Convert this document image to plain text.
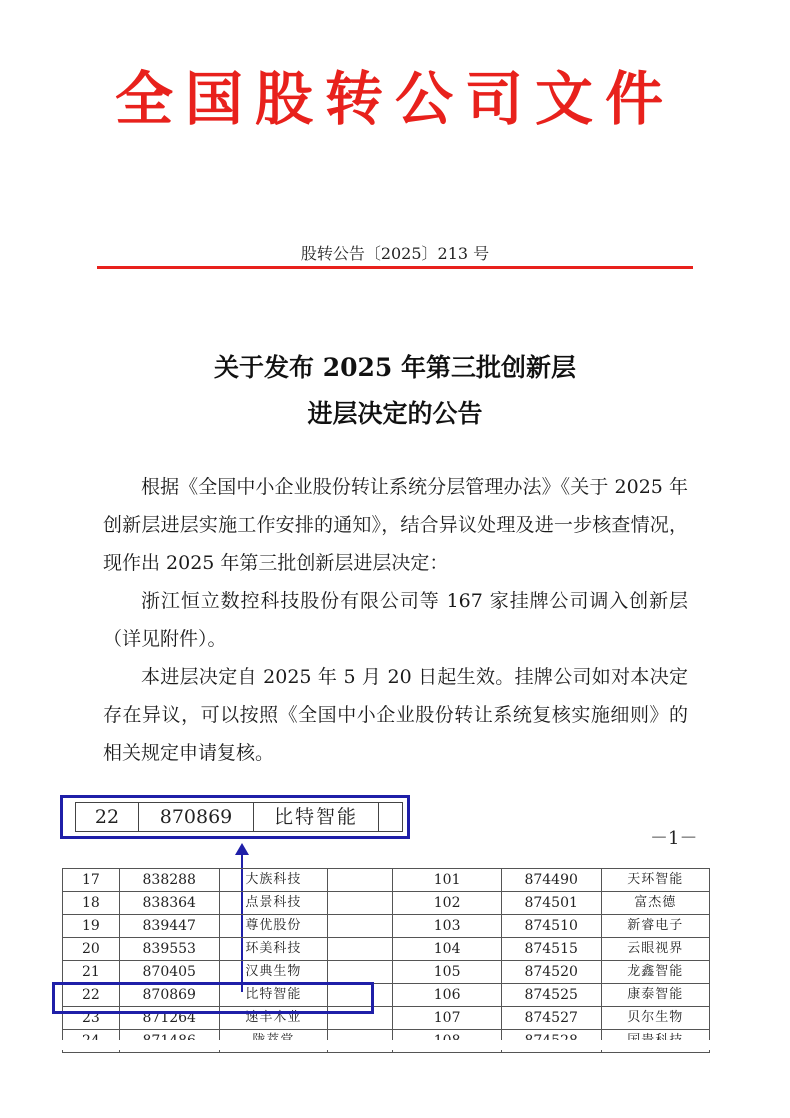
全国股转公司文件
股转公告〔2025〕213 号
关于发布 2025 年第三批创新层
进层决定的公告

根据《全国中小企业股份转让系统分层管理办法》《关于 2025 年创新层进层实施工作安排的通知》，结合异议处理及进一步核查情况，现作出 2025 年第三批创新层进层决定：

浙江恒立数控科技股份有限公司等 167 家挂牌公司调入创新层（详见附件）。

本进层决定自 2025 年 5 月 20 日起生效。挂牌公司如对本决定存在异议，可以按照《全国中小企业股份转让系统复核实施细则》的相关规定申请复核。

－1－
22	870869	比特智能
17	838288	大族科技		101	874490	天环智能
18	838364	点景科技		102	874501	富杰德
19	839447	尊优股份		103	874510	新睿电子
20	839553	环美科技		104	874515	云眼视界
21	870405	汉典生物		105	874520	龙鑫智能
22	870869	比特智能		106	874525	康泰智能
23	871264	速丰木业		107	874527	贝尔生物
